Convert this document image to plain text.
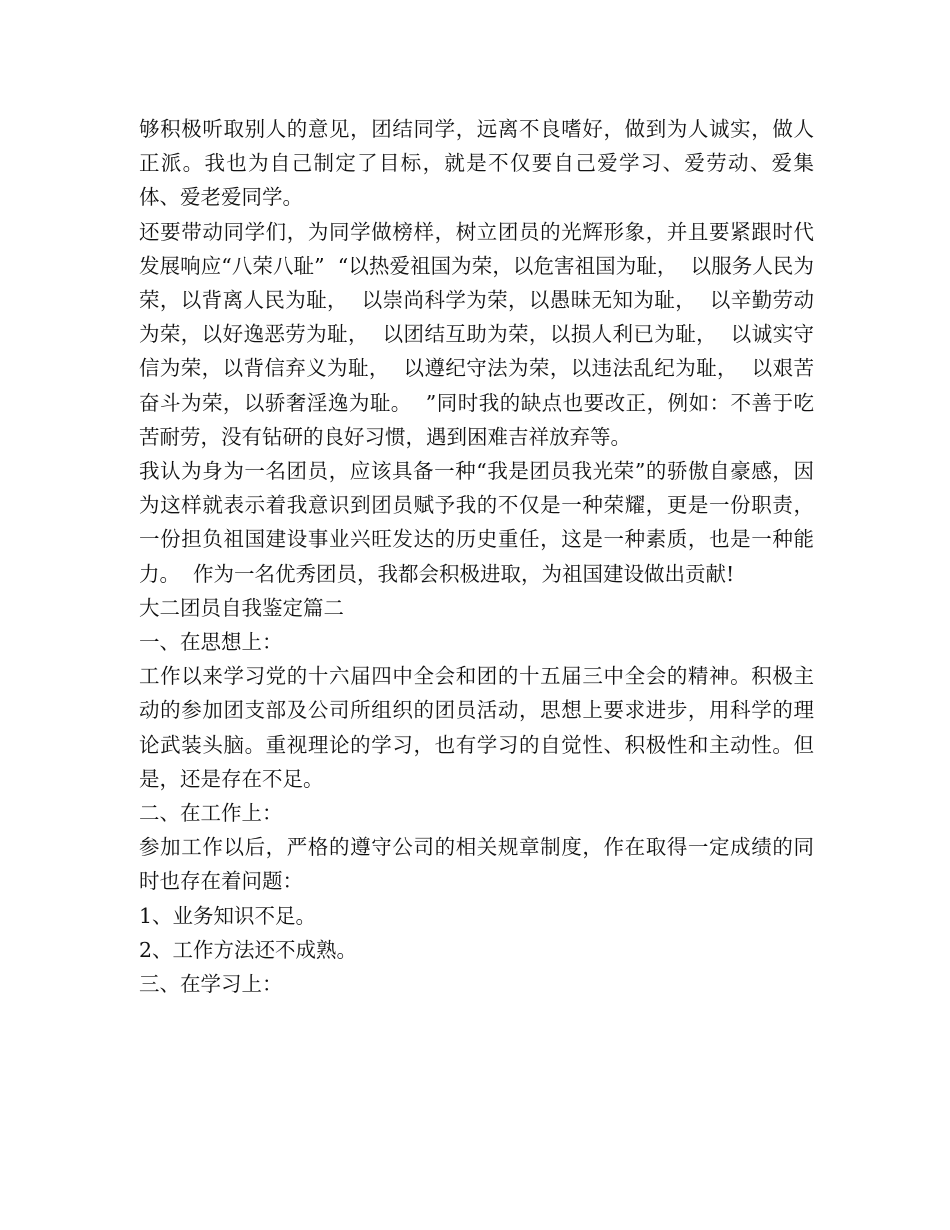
够积极听取别人的意见，团结同学，远离不良嗜好，做到为人诚实，做人正派。我也为自己制定了目标，就是不仅要自己爱学习、爱劳动、爱集体、爱老爱同学。

还要带动同学们，为同学做榜样，树立团员的光辉形象，并且要紧跟时代发展响应“八荣八耻”  “以热爱祖国为荣，以危害祖国为耻，  以服务人民为荣，以背离人民为耻，  以崇尚科学为荣，以愚昧无知为耻，  以辛勤劳动为荣，以好逸恶劳为耻，  以团结互助为荣，以损人利已为耻，  以诚实守信为荣，以背信弃义为耻，  以遵纪守法为荣，以违法乱纪为耻，  以艰苦奋斗为荣，以骄奢淫逸为耻。  ”同时我的缺点也要改正，例如：不善于吃苦耐劳，没有钻研的良好习惯，遇到困难吉祥放弃等。

我认为身为一名团员，应该具备一种“我是团员我光荣”的骄傲自豪感，因为这样就表示着我意识到团员赋予我的不仅是一种荣耀，更是一份职责，一份担负祖国建设事业兴旺发达的历史重任，这是一种素质，也是一种能力。  作为一名优秀团员，我都会积极进取，为祖国建设做出贡献!

大二团员自我鉴定篇二

一、在思想上：

工作以来学习党的十六届四中全会和团的十五届三中全会的精神。积极主动的参加团支部及公司所组织的团员活动，思想上要求进步，用科学的理论武装头脑。重视理论的学习，也有学习的自觉性、积极性和主动性。但是，还是存在不足。

二、在工作上：

参加工作以后，严格的遵守公司的相关规章制度，作在取得一定成绩的同时也存在着问题：

1、业务知识不足。

2、工作方法还不成熟。

三、在学习上：
